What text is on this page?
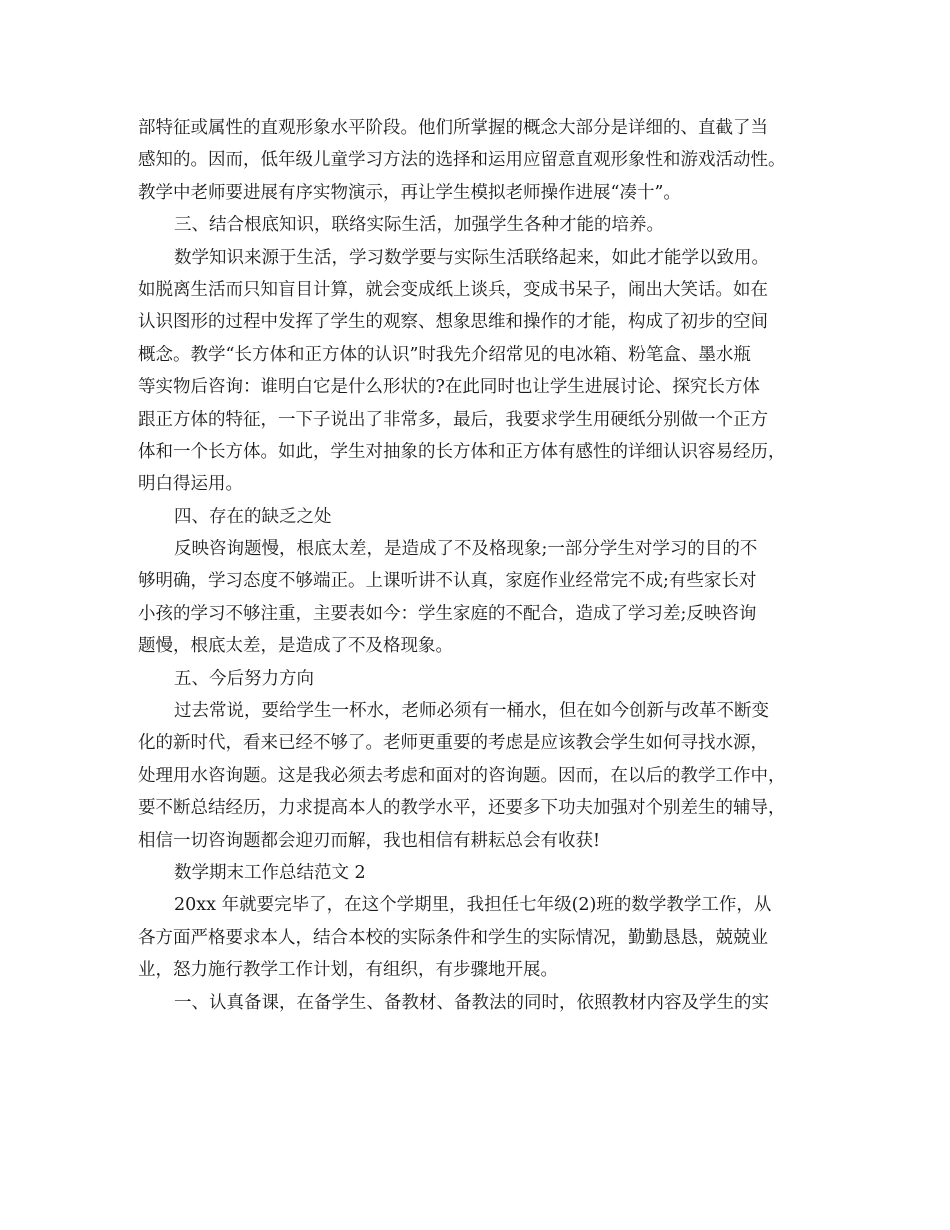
部特征或属性的直观形象水平阶段。他们所掌握的概念大部分是详细的、直截了当
感知的。因而，低年级儿童学习方法的选择和运用应留意直观形象性和游戏活动性。
教学中老师要进展有序实物演示，再让学生模拟老师操作进展“凑十”。
三、结合根底知识，联络实际生活，加强学生各种才能的培养。
数学知识来源于生活，学习数学要与实际生活联络起来，如此才能学以致用。
如脱离生活而只知盲目计算，就会变成纸上谈兵，变成书呆子，闹出大笑话。如在
认识图形的过程中发挥了学生的观察、想象思维和操作的才能，构成了初步的空间
概念。教学“长方体和正方体的认识”时我先介绍常见的电冰箱、粉笔盒、墨水瓶
等实物后咨询：谁明白它是什么形状的?在此同时也让学生进展讨论、探究长方体
跟正方体的特征，一下子说出了非常多，最后，我要求学生用硬纸分别做一个正方
体和一个长方体。如此，学生对抽象的长方体和正方体有感性的详细认识容易经历，
明白得运用。
四、存在的缺乏之处
反映咨询题慢，根底太差，是造成了不及格现象;一部分学生对学习的目的不
够明确，学习态度不够端正。上课听讲不认真，家庭作业经常完不成;有些家长对
小孩的学习不够注重，主要表如今：学生家庭的不配合，造成了学习差;反映咨询
题慢，根底太差，是造成了不及格现象。
五、今后努力方向
过去常说，要给学生一杯水，老师必须有一桶水，但在如今创新与改革不断变
化的新时代，看来已经不够了。老师更重要的考虑是应该教会学生如何寻找水源，
处理用水咨询题。这是我必须去考虑和面对的咨询题。因而，在以后的教学工作中，
要不断总结经历，力求提高本人的教学水平，还要多下功夫加强对个别差生的辅导，
相信一切咨询题都会迎刃而解，我也相信有耕耘总会有收获!
数学期末工作总结范文 2
20xx 年就要完毕了，在这个学期里，我担任七年级(2)班的数学教学工作，从
各方面严格要求本人，结合本校的实际条件和学生的实际情况，勤勤恳恳，兢兢业
业，怒力施行教学工作计划，有组织，有步骤地开展。
一、认真备课，在备学生、备教材、备教法的同时，依照教材内容及学生的实
